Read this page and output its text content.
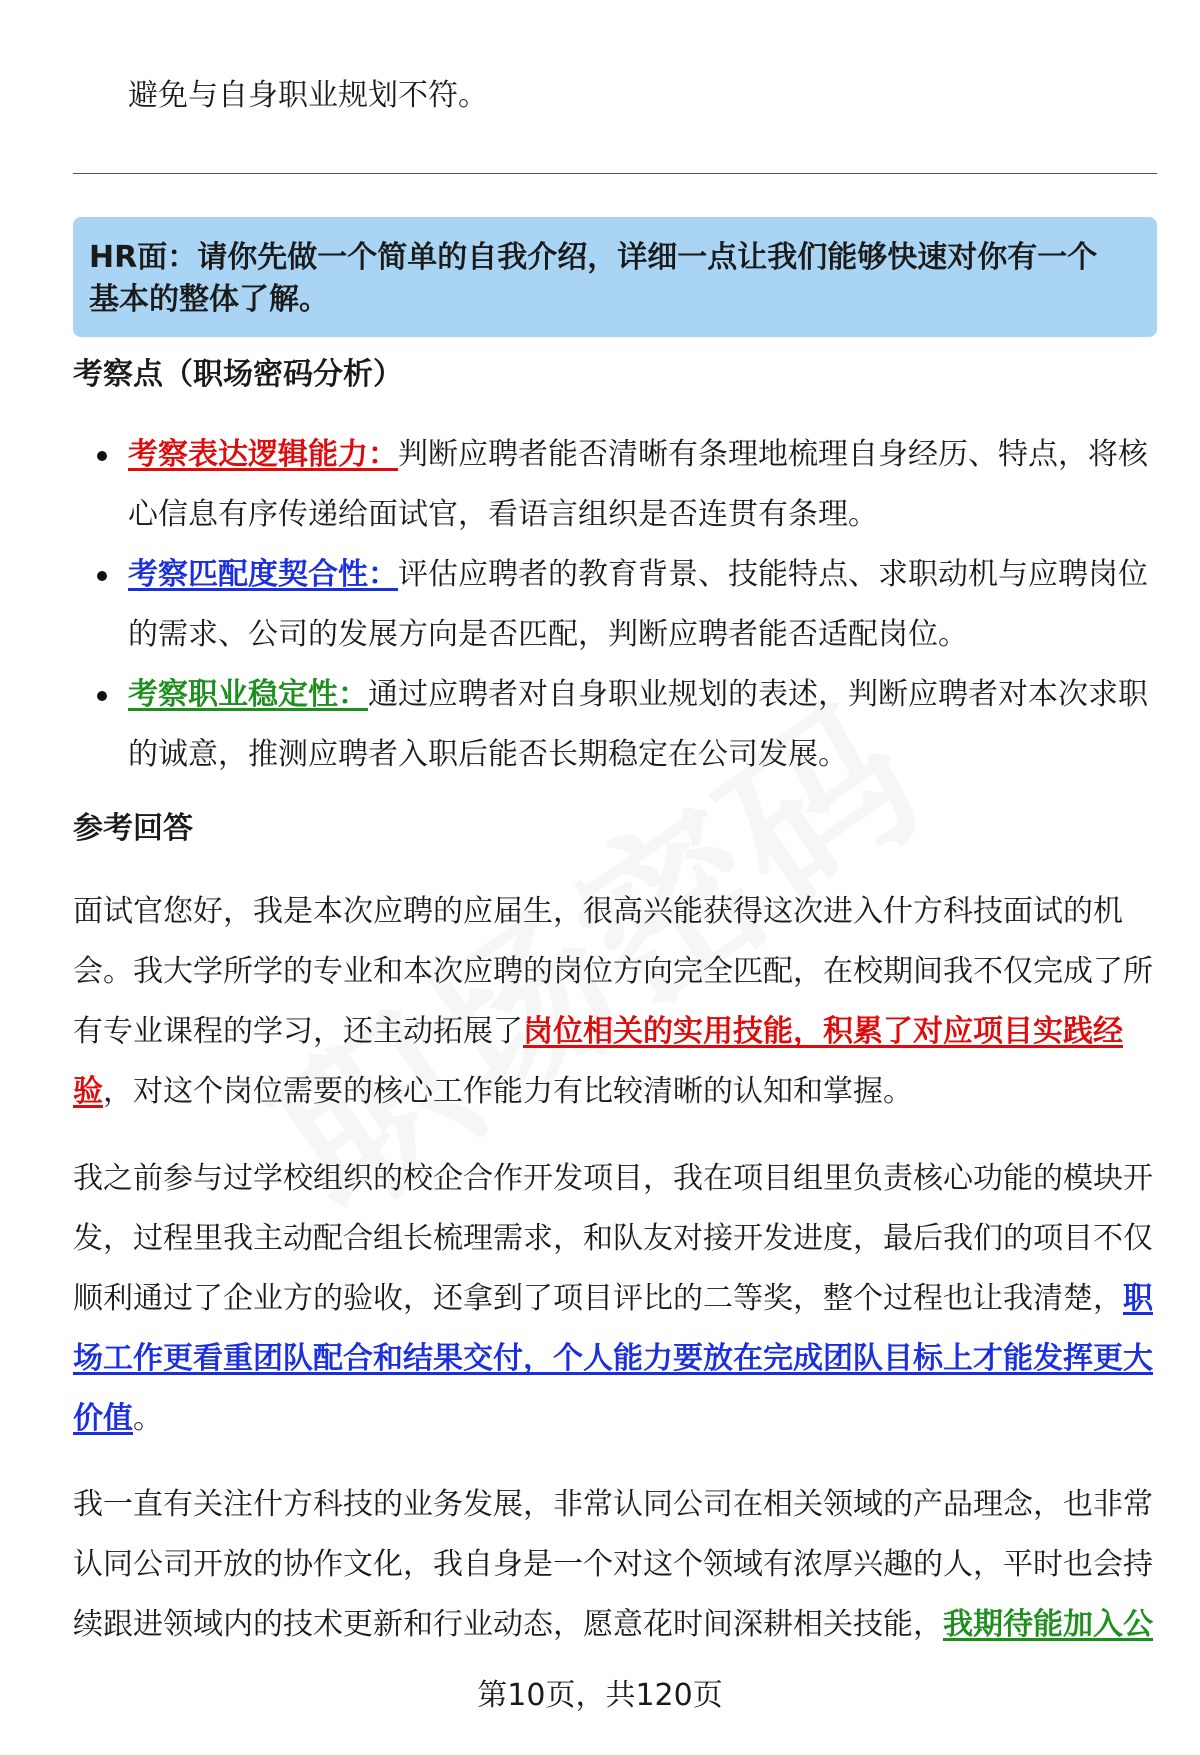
避免与自身职业规划不符。
HR面：请你先做一个简单的自我介绍，详细一点让我们能够快速对你有一个基本的整体了解。
考察点（职场密码分析）
考察表达逻辑能力：判断应聘者能否清晰有条理地梳理自身经历、特点，将核心信息有序传递给面试官，看语言组织是否连贯有条理。
考察匹配度契合性：评估应聘者的教育背景、技能特点、求职动机与应聘岗位的需求、公司的发展方向是否匹配，判断应聘者能否适配岗位。
考察职业稳定性：通过应聘者对自身职业规划的表述，判断应聘者对本次求职的诚意，推测应聘者入职后能否长期稳定在公司发展。
参考回答

面试官您好，我是本次应聘的应届生，很高兴能获得这次进入什方科技面试的机会。我大学所学的专业和本次应聘的岗位方向完全匹配，在校期间我不仅完成了所有专业课程的学习，还主动拓展了岗位相关的实用技能，积累了对应项目实践经验，对这个岗位需要的核心工作能力有比较清晰的认知和掌握。

我之前参与过学校组织的校企合作开发项目，我在项目组里负责核心功能的模块开发，过程里我主动配合组长梳理需求，和队友对接开发进度，最后我们的项目不仅顺利通过了企业方的验收，还拿到了项目评比的二等奖，整个过程也让我清楚，职场工作更看重团队配合和结果交付，个人能力要放在完成团队目标上才能发挥更大价值。

我一直有关注什方科技的业务发展，非常认同公司在相关领域的产品理念，也非常认同公司开放的协作文化，我自身是一个对这个领域有浓厚兴趣的人，平时也会持续跟进领域内的技术更新和行业动态，愿意花时间深耕相关技能，我期待能加入公

第10页，共120页
